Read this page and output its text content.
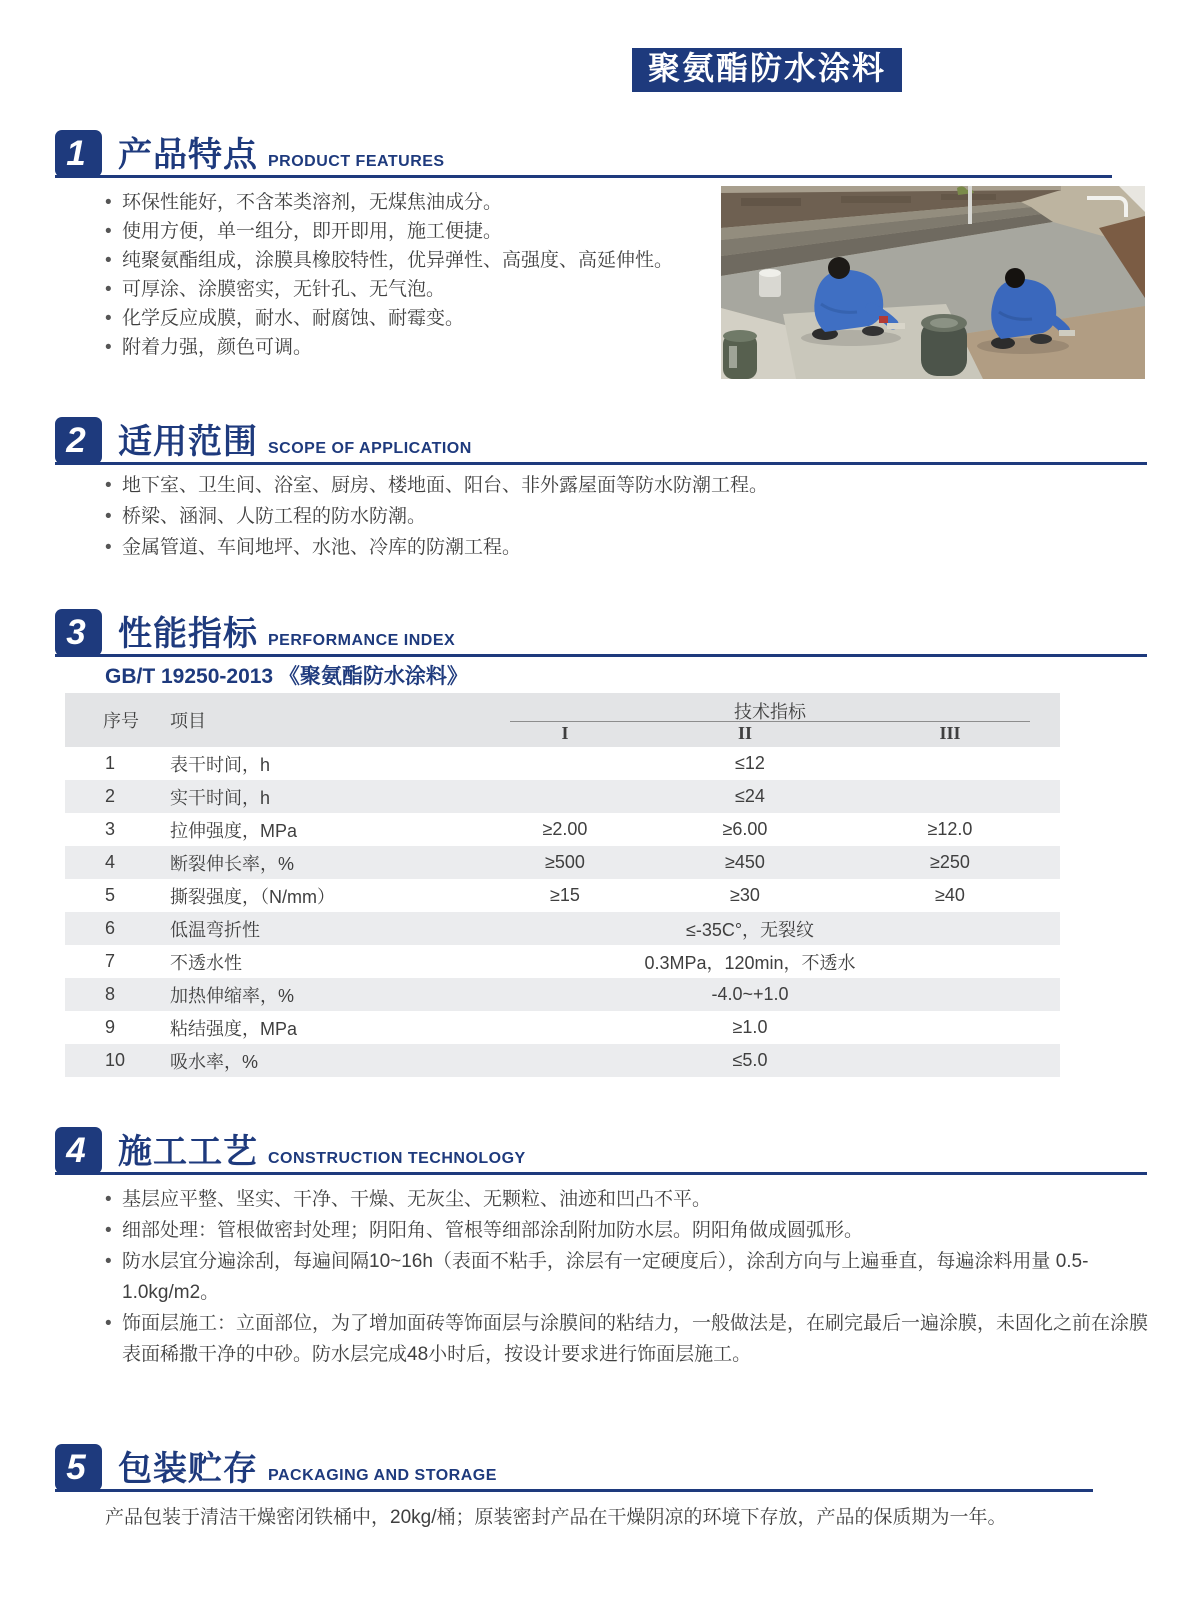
聚氨酯防水涂料
1 产品特点 PRODUCT FEATURES
• 环保性能好，不含苯类溶剂，无煤焦油成分。
• 使用方便，单一组分，即开即用，施工便捷。
• 纯聚氨酯组成，涂膜具橡胶特性，优异弹性、高强度、高延伸性。
• 可厚涂、涂膜密实，无针孔、无气泡。
• 化学反应成膜，耐水、耐腐蚀、耐霉变。
• 附着力强，颜色可调。
2 适用范围 SCOPE OF APPLICATION
• 地下室、卫生间、浴室、厨房、楼地面、阳台、非外露屋面等防水防潮工程。
• 桥梁、涵洞、人防工程的防水防潮。
• 金属管道、车间地坪、水池、冷库的防潮工程。
3 性能指标 PERFORMANCE INDEX
GB/T 19250-2013 《聚氨酯防水涂料》
序号	项目	技术指标
I	II	III
1	表干时间，h	≤12
2	实干时间，h	≤24
3	拉伸强度，MPa	≥2.00	≥6.00	≥12.0
4	断裂伸长率，%	≥500	≥450	≥250
5	撕裂强度，（N/mm）	≥15	≥30	≥40
6	低温弯折性	≤-35C°，无裂纹
7	不透水性	0.3MPa，120min，不透水
8	加热伸缩率，%	-4.0~+1.0
9	粘结强度，MPa	≥1.0
10	吸水率，%	≤5.0
4 施工工艺 CONSTRUCTION TECHNOLOGY
• 基层应平整、坚实、干净、干燥、无灰尘、无颗粒、油迹和凹凸不平。
• 细部处理：管根做密封处理；阴阳角、管根等细部涂刮附加防水层。阴阳角做成圆弧形。
• 防水层宜分遍涂刮，每遍间隔10~16h（表面不粘手，涂层有一定硬度后），涂刮方向与上遍垂直，每遍涂料用量 0.5-1.0kg/m2。
• 饰面层施工：立面部位，为了增加面砖等饰面层与涂膜间的粘结力，一般做法是，在刷完最后一遍涂膜，未固化之前在涂膜表面稀撒干净的中砂。防水层完成48小时后，按设计要求进行饰面层施工。
5 包装贮存 PACKAGING AND STORAGE
产品包装于清洁干燥密闭铁桶中，20kg/桶；原装密封产品在干燥阴凉的环境下存放，产品的保质期为一年。
